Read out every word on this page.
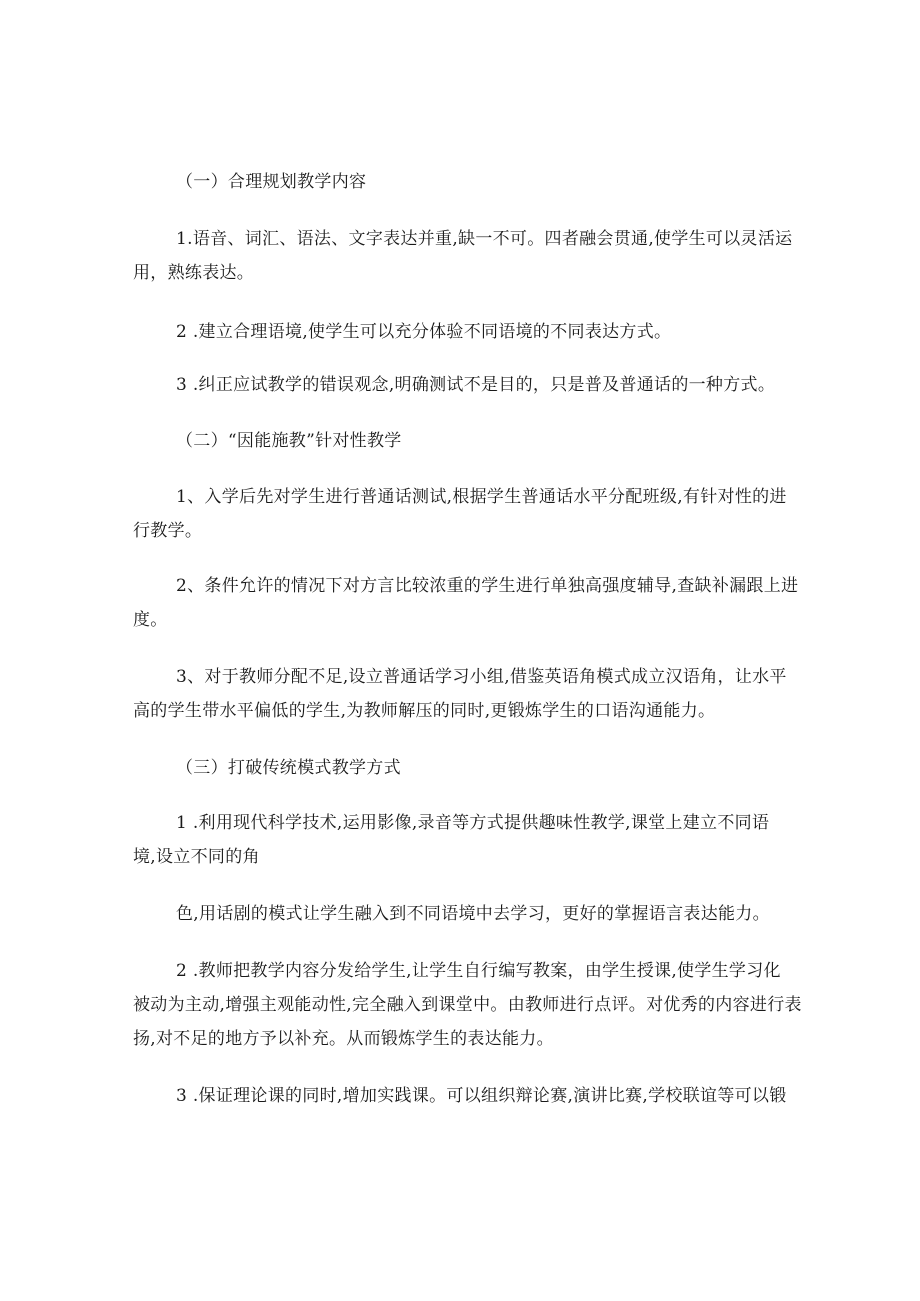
（一）合理规划教学内容
1.语音、词汇、语法、文字表达并重,缺一不可。四者融会贯通,使学生可以灵活运
用，熟练表达。
2 .建立合理语境,使学生可以充分体验不同语境的不同表达方式。
3 .纠正应试教学的错误观念,明确测试不是目的，只是普及普通话的一种方式。
（二）“因能施教”针对性教学
1、入学后先对学生进行普通话测试,根据学生普通话水平分配班级,有针对性的进
行教学。
2、条件允许的情况下对方言比较浓重的学生进行单独高强度辅导,查缺补漏跟上进
度。
3、对于教师分配不足,设立普通话学习小组,借鉴英语角模式成立汉语角，让水平
高的学生带水平偏低的学生,为教师解压的同时,更锻炼学生的口语沟通能力。
（三）打破传统模式教学方式
1 .利用现代科学技术,运用影像,录音等方式提供趣味性教学,课堂上建立不同语
境,设立不同的角
色,用话剧的模式让学生融入到不同语境中去学习，更好的掌握语言表达能力。
2 .教师把教学内容分发给学生,让学生自行编写教案，由学生授课,使学生学习化
被动为主动,增强主观能动性,完全融入到课堂中。由教师进行点评。对优秀的内容进行表
扬,对不足的地方予以补充。从而锻炼学生的表达能力。
3 .保证理论课的同时,增加实践课。可以组织辩论赛,演讲比赛,学校联谊等可以锻
